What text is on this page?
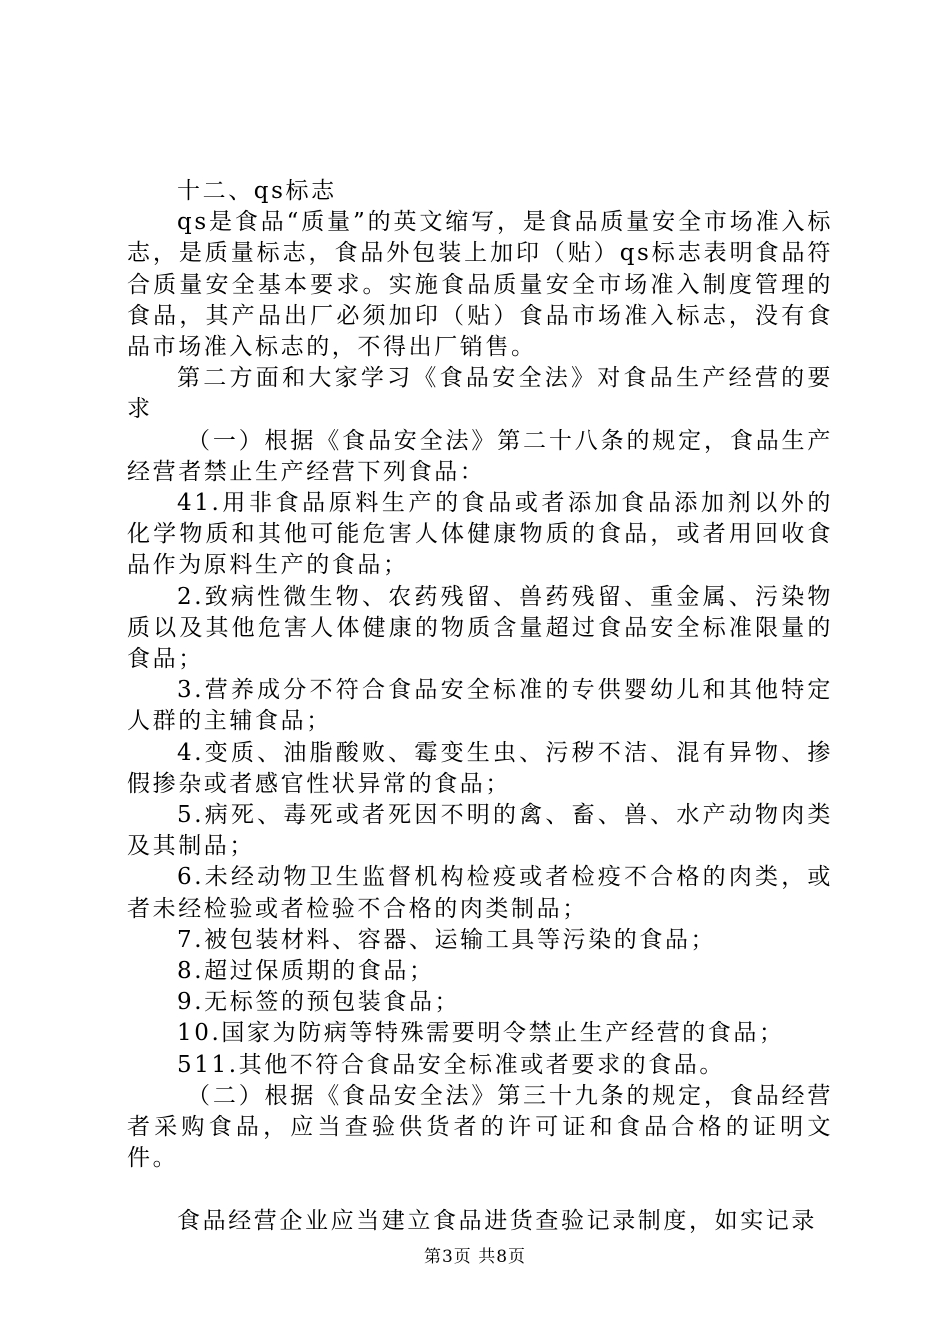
十二、qs标志

qs是食品“质量”的英文缩写，是食品质量安全市场准入标志，是质量标志，食品外包装上加印（贴）qs标志表明食品符合质量安全基本要求。实施食品质量安全市场准入制度管理的食品，其产品出厂必须加印（贴）食品市场准入标志，没有食品市场准入标志的，不得出厂销售。

第二方面和大家学习《食品安全法》对食品生产经营的要求

（一）根据《食品安全法》第二十八条的规定，食品生产经营者禁止生产经营下列食品：

41.用非食品原料生产的食品或者添加食品添加剂以外的化学物质和其他可能危害人体健康物质的食品，或者用回收食品作为原料生产的食品；

2.致病性微生物、农药残留、兽药残留、重金属、污染物质以及其他危害人体健康的物质含量超过食品安全标准限量的食品；

3.营养成分不符合食品安全标准的专供婴幼儿和其他特定人群的主辅食品；

4.变质、油脂酸败、霉变生虫、污秽不洁、混有异物、掺假掺杂或者感官性状异常的食品；

5.病死、毒死或者死因不明的禽、畜、兽、水产动物肉类及其制品；

6.未经动物卫生监督机构检疫或者检疫不合格的肉类，或者未经检验或者检验不合格的肉类制品；

7.被包装材料、容器、运输工具等污染的食品；

8.超过保质期的食品；

9.无标签的预包装食品；

10.国家为防病等特殊需要明令禁止生产经营的食品；

511.其他不符合食品安全标准或者要求的食品。

（二）根据《食品安全法》第三十九条的规定，食品经营者采购食品，应当查验供货者的许可证和食品合格的证明文件。

食品经营企业应当建立食品进货查验记录制度，如实记录

第3页 共8页
